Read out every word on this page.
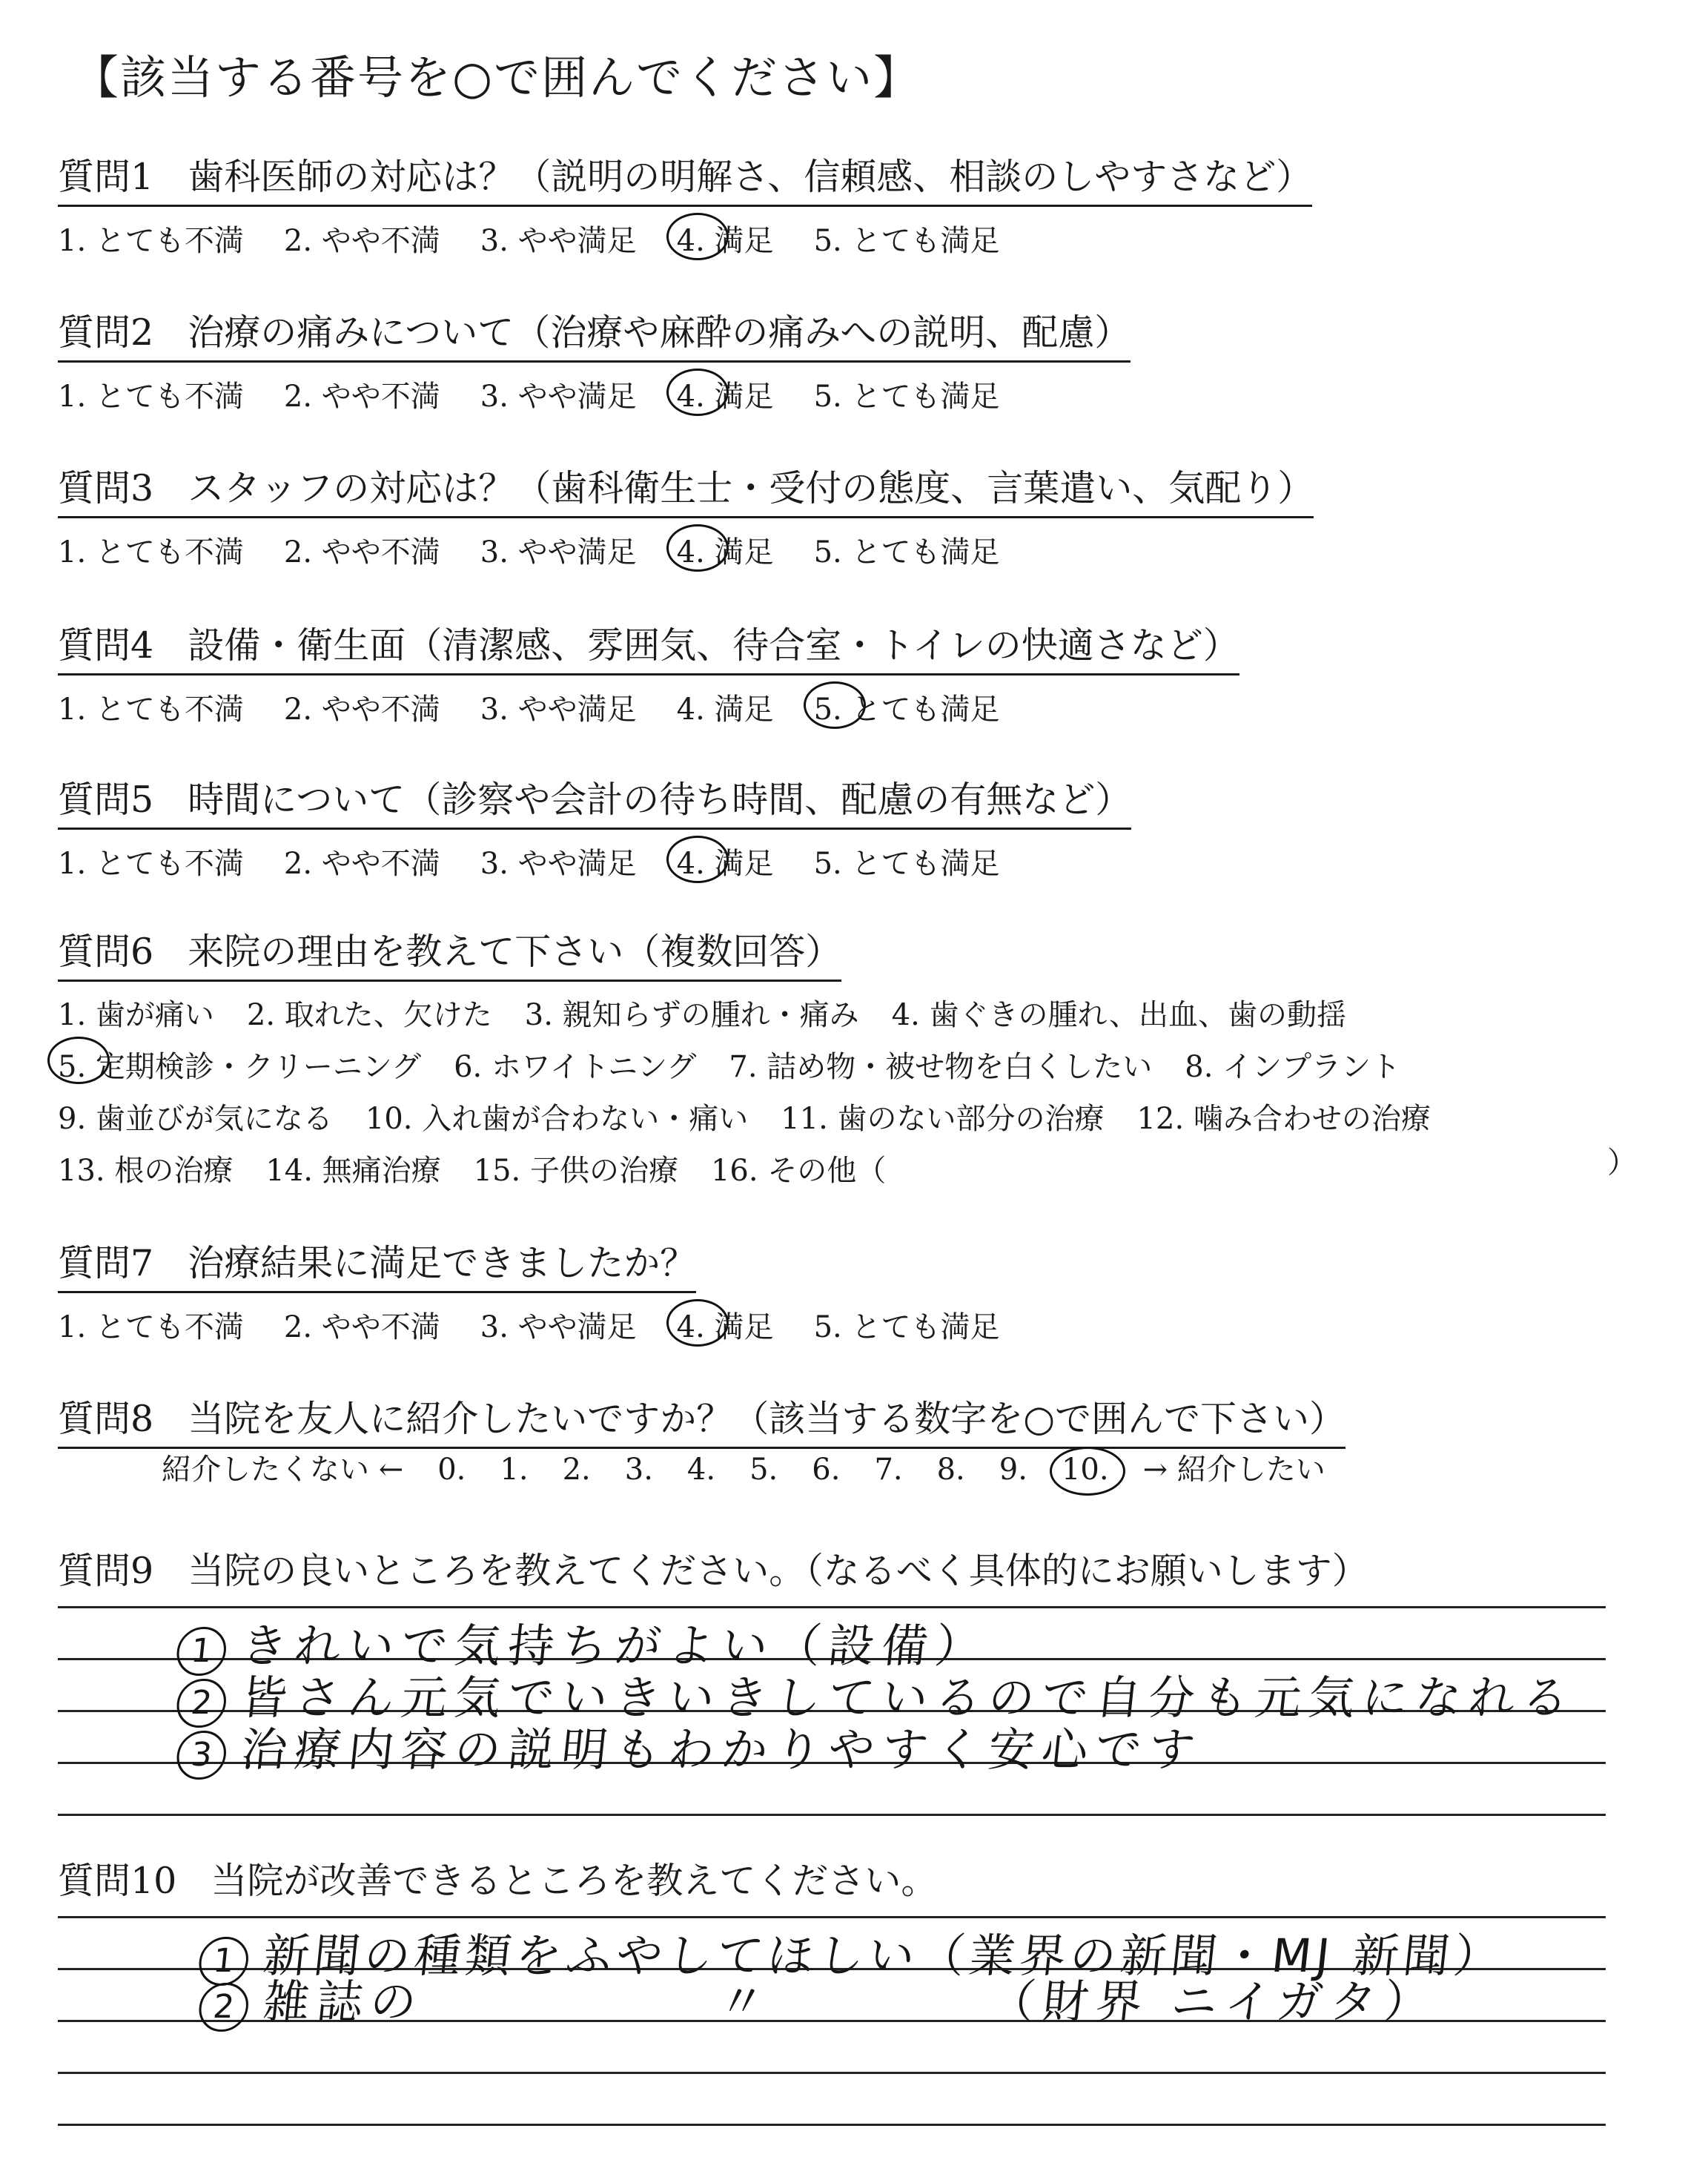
【該当する番号を○で囲んでください】
質問1 歯科医師の対応は？（説明の明解さ、信頼感、相談のしやすさなど）
1. とても不満 2. やや不満 3. やや満足 4. 満足 5. とても満足
質問2 治療の痛みについて（治療や麻酔の痛みへの説明、配慮）
1. とても不満 2. やや不満 3. やや満足 4. 満足 5. とても満足
質問3 スタッフの対応は？（歯科衛生士・受付の態度、言葉遣い、気配り）
1. とても不満 2. やや不満 3. やや満足 4. 満足 5. とても満足
質問4 設備・衛生面（清潔感、雰囲気、待合室・トイレの快適さなど）
1. とても不満 2. やや不満 3. やや満足 4. 満足 5. とても満足
質問5 時間について（診察や会計の待ち時間、配慮の有無など）
1. とても不満 2. やや不満 3. やや満足 4. 満足 5. とても満足
質問6 来院の理由を教えて下さい（複数回答）
1. 歯が痛い 2. 取れた、欠けた 3. 親知らずの腫れ・痛み 4. 歯ぐきの腫れ、出血、歯の動揺
5. 定期検診・クリーニング 6. ホワイトニング 7. 詰め物・被せ物を白くしたい 8. インプラント
9. 歯並びが気になる 10. 入れ歯が合わない・痛い 11. 歯のない部分の治療 12. 噛み合わせの治療
13. 根の治療 14. 無痛治療 15. 子供の治療 16. その他（	）
質問7 治療結果に満足できましたか？
1. とても不満 2. やや不満 3. やや満足 4. 満足 5. とても満足
質問8 当院を友人に紹介したいですか？（該当する数字を○で囲んで下さい）
紹介したくない ← 0. 1. 2. 3. 4. 5. 6. 7. 8. 9. 10. → 紹介したい
質問9 当院の良いところを教えてください。（なるべく具体的にお願いします）
1 きれいで気持ちがよい（設備）
2 皆さん元気でいきいきしているので自分も元気になれる
3 治療内容の説明もわかりやすく安心です
質問10 当院が改善できるところを教えてください。
1 新聞の種類をふやしてほしい（業界の新聞・MJ 新聞）
2 雑誌の	〃	（財界 ニイガタ）
